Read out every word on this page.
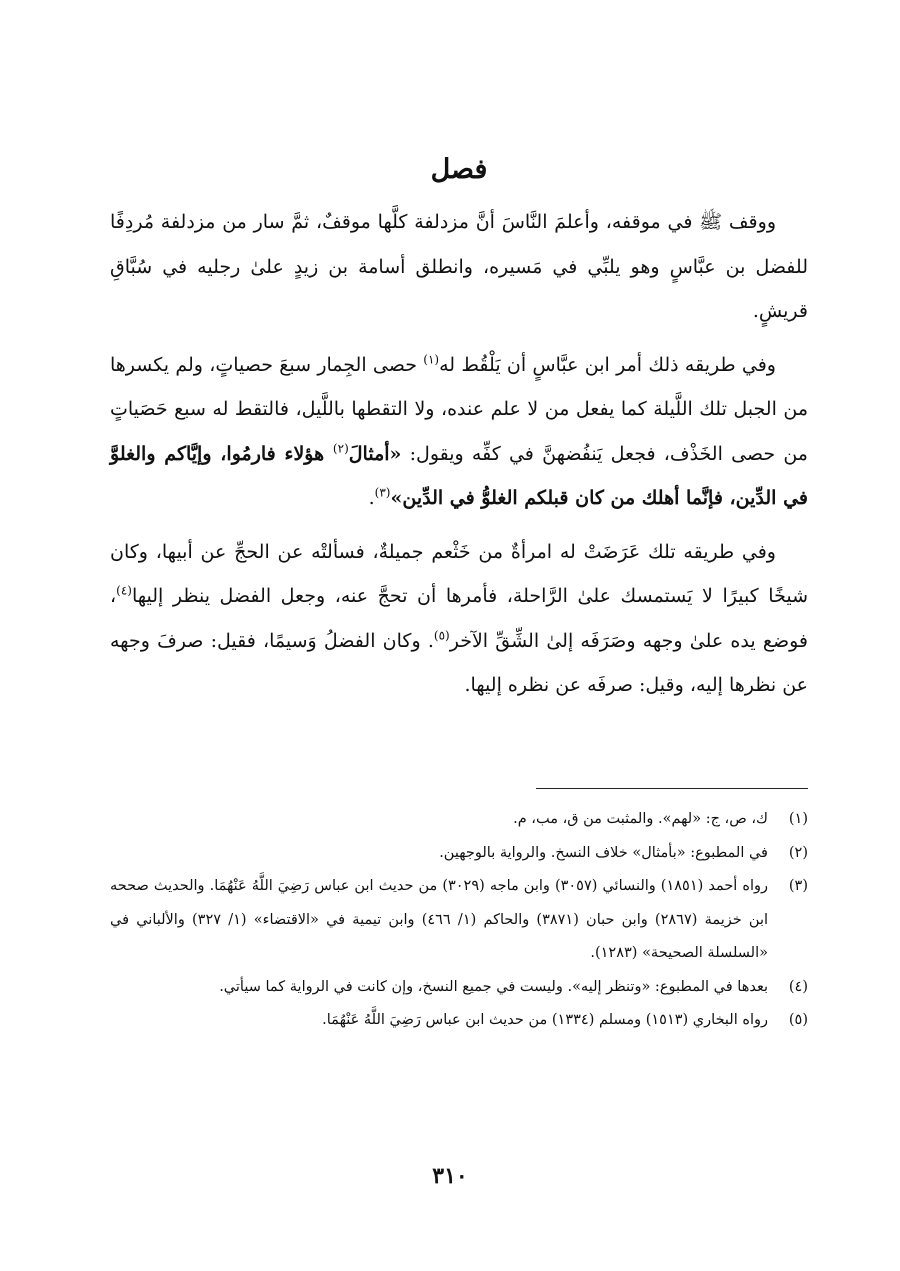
فصل

ووقف ﷺ في موقفه، وأعلمَ النَّاسَ أنَّ مزدلفة كلَّها موقفٌ، ثمَّ سار من مزدلفة مُردِفًا للفضل بن عبَّاسٍ وهو يلبِّي في مَسيره، وانطلق أسامة بن زيدٍ علىٰ رجليه في سُبَّاقِ قريشٍ.

وفي طريقه ذلك أمر ابن عبَّاسٍ أن يَلْقُط له$^{(١)}$ حصى الجِمار سبعَ حصياتٍ، ولم يكسرها من الجبل تلك اللَّيلة كما يفعل من لا علم عنده، ولا التقطها باللَّيل، فالتقط له سبع حَصَياتٍ من حصى الخَذْف، فجعل يَنفُضهنَّ في كفِّه ويقول: «أمثالَ$^{(٢)}$ هؤلاء فارمُوا، وإيَّاكم والغلوَّ في الدِّين، فإنَّما أهلك من كان قبلكم الغلوُّ في الدِّين»$^{(٣)}$.

وفي طريقه تلك عَرَضَتْ له امرأةٌ من خَثْعم جميلةٌ، فسألتْه عن الحجِّ عن أبيها، وكان شيخًا كبيرًا لا يَستمسك علىٰ الرَّاحلة، فأمرها أن تحجَّ عنه، وجعل الفضل ينظر إليها$^{(٤)}$، فوضع يده علىٰ وجهه وصَرَفَه إلىٰ الشِّقِّ الآخر$^{(٥)}$. وكان الفضلُ وَسيمًا، فقيل: صرفَ وجهه عن نظرها إليه، وقيل: صرفَه عن نظره إليها.

(١)
ك، ص، ج: «لهم». والمثبت من ق، مب، م.
(٢)
في المطبوع: «بأمثال» خلاف النسخ. والرواية بالوجهين.
(٣)
رواه أحمد (١٨٥١) والنسائي (٣٠٥٧) وابن ماجه (٣٠٢٩) من حديث ابن عباس رَضِيَ اللَّهُ عَنْهُمَا. والحديث صححه ابن خزيمة (٢٨٦٧) وابن حبان (٣٨٧١) والحاكم (١/ ٤٦٦) وابن تيمية في «الاقتضاء» (١/ ٣٢٧) والألباني في «السلسلة الصحيحة» (١٢٨٣).
(٤)
بعدها في المطبوع: «وتنظر إليه». وليست في جميع النسخ، وإن كانت في الرواية كما سيأتي.
(٥)
رواه البخاري (١٥١٣) ومسلم (١٣٣٤) من حديث ابن عباس رَضِيَ اللَّهُ عَنْهُمَا.
٣١٠
